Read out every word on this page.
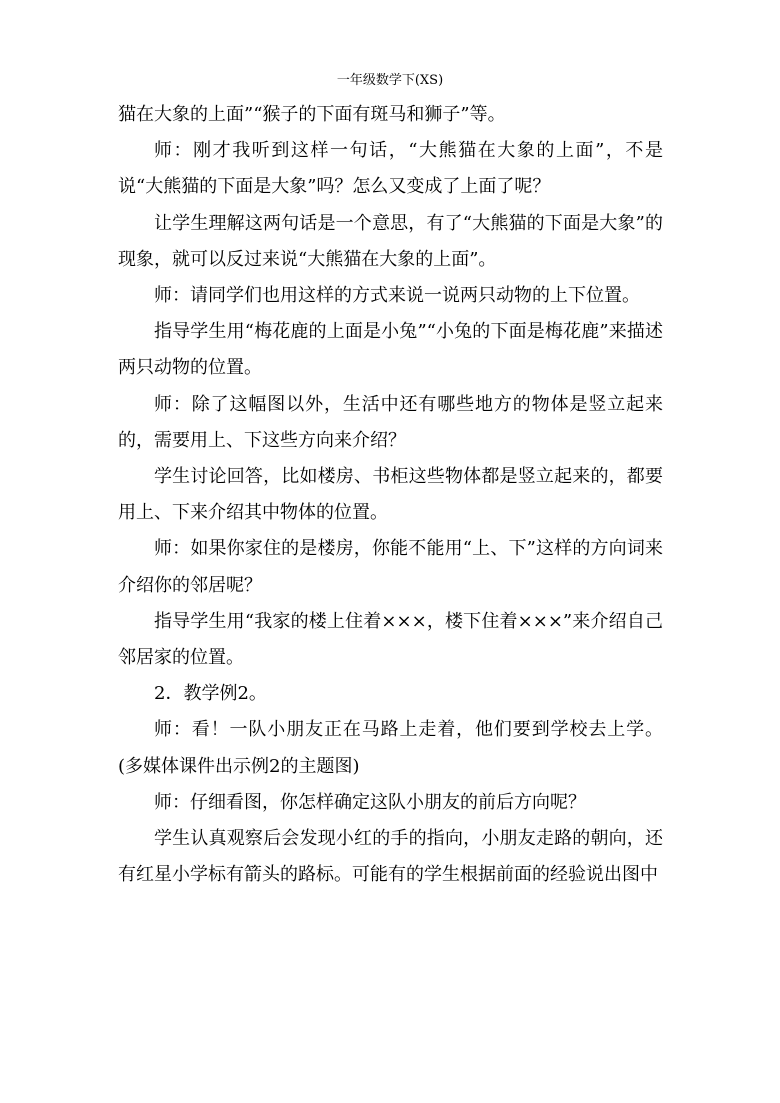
一年级数学下(XS)

猫在大象的上面”“猴子的下面有斑马和狮子”等。

师：刚才我听到这样一句话，“大熊猫在大象的上面”，不是说“大熊猫的下面是大象”吗？怎么又变成了上面了呢？

让学生理解这两句话是一个意思，有了“大熊猫的下面是大象”的现象，就可以反过来说“大熊猫在大象的上面”。

师：请同学们也用这样的方式来说一说两只动物的上下位置。

指导学生用“梅花鹿的上面是小兔”“小兔的下面是梅花鹿”来描述两只动物的位置。

师：除了这幅图以外，生活中还有哪些地方的物体是竖立起来的，需要用上、下这些方向来介绍？

学生讨论回答，比如楼房、书柜这些物体都是竖立起来的，都要用上、下来介绍其中物体的位置。

师：如果你家住的是楼房，你能不能用“上、下”这样的方向词来介绍你的邻居呢？

指导学生用“我家的楼上住着×××，楼下住着×××”来介绍自己邻居家的位置。

2．教学例2。

师：看！一队小朋友正在马路上走着，他们要到学校去上学。(多媒体课件出示例2的主题图)

师：仔细看图，你怎样确定这队小朋友的前后方向呢？

学生认真观察后会发现小红的手的指向，小朋友走路的朝向，还有红星小学标有箭头的路标。可能有的学生根据前面的经验说出图中
